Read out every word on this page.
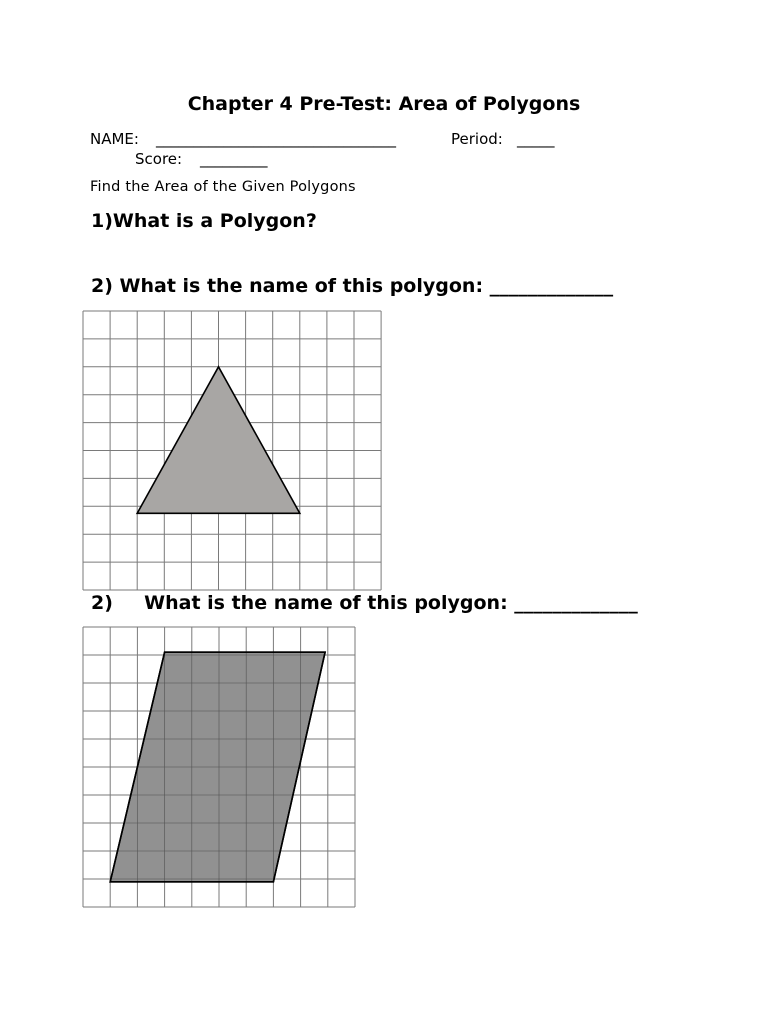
Chapter 4 Pre-Test: Area of Polygons
NAME: ________________________________	Period: _____
Score: _________
Find the Area of the Given Polygons
1)What is a Polygon?
2) What is the name of this polygon: _____________
2) What is the name of this polygon: _____________
